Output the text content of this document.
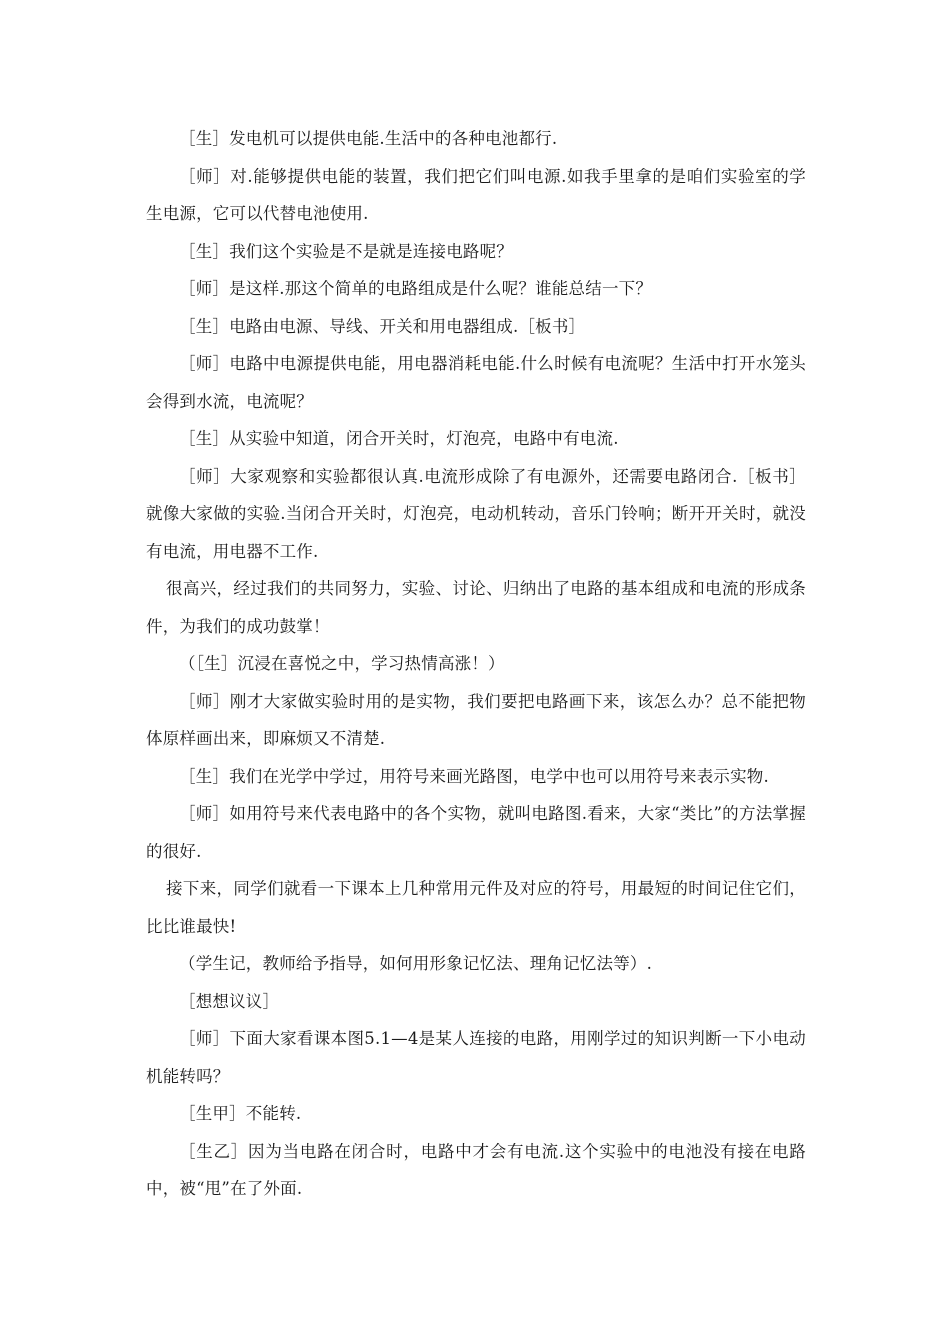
［生］发电机可以提供电能.生活中的各种电池都行.

［师］对.能够提供电能的装置，我们把它们叫电源.如我手里拿的是咱们实验室的学生电源，它可以代替电池使用.

［生］我们这个实验是不是就是连接电路呢？

［师］是这样.那这个简单的电路组成是什么呢？谁能总结一下？

［生］电路由电源、导线、开关和用电器组成.［板书］

［师］电路中电源提供电能，用电器消耗电能.什么时候有电流呢？生活中打开水笼头会得到水流，电流呢？

［生］从实验中知道，闭合开关时，灯泡亮，电路中有电流.

［师］大家观察和实验都很认真.电流形成除了有电源外，还需要电路闭合.［板书］就像大家做的实验.当闭合开关时，灯泡亮，电动机转动，音乐门铃响；断开开关时，就没有电流，用电器不工作.

很高兴，经过我们的共同努力，实验、讨论、归纳出了电路的基本组成和电流的形成条件，为我们的成功鼓掌！

（［生］沉浸在喜悦之中，学习热情高涨！）

［师］刚才大家做实验时用的是实物，我们要把电路画下来，该怎么办？总不能把物体原样画出来，即麻烦又不清楚.

［生］我们在光学中学过，用符号来画光路图，电学中也可以用符号来表示实物.

［师］如用符号来代表电路中的各个实物，就叫电路图.看来，大家“类比”的方法掌握的很好.

接下来，同学们就看一下课本上几种常用元件及对应的符号，用最短的时间记住它们，比比谁最快!

（学生记，教师给予指导，如何用形象记忆法、理角记忆法等）.

［想想议议］

［师］下面大家看课本图5.1—4是某人连接的电路，用刚学过的知识判断一下小电动机能转吗？

［生甲］不能转.

［生乙］因为当电路在闭合时，电路中才会有电流.这个实验中的电池没有接在电路中，被“甩”在了外面.
